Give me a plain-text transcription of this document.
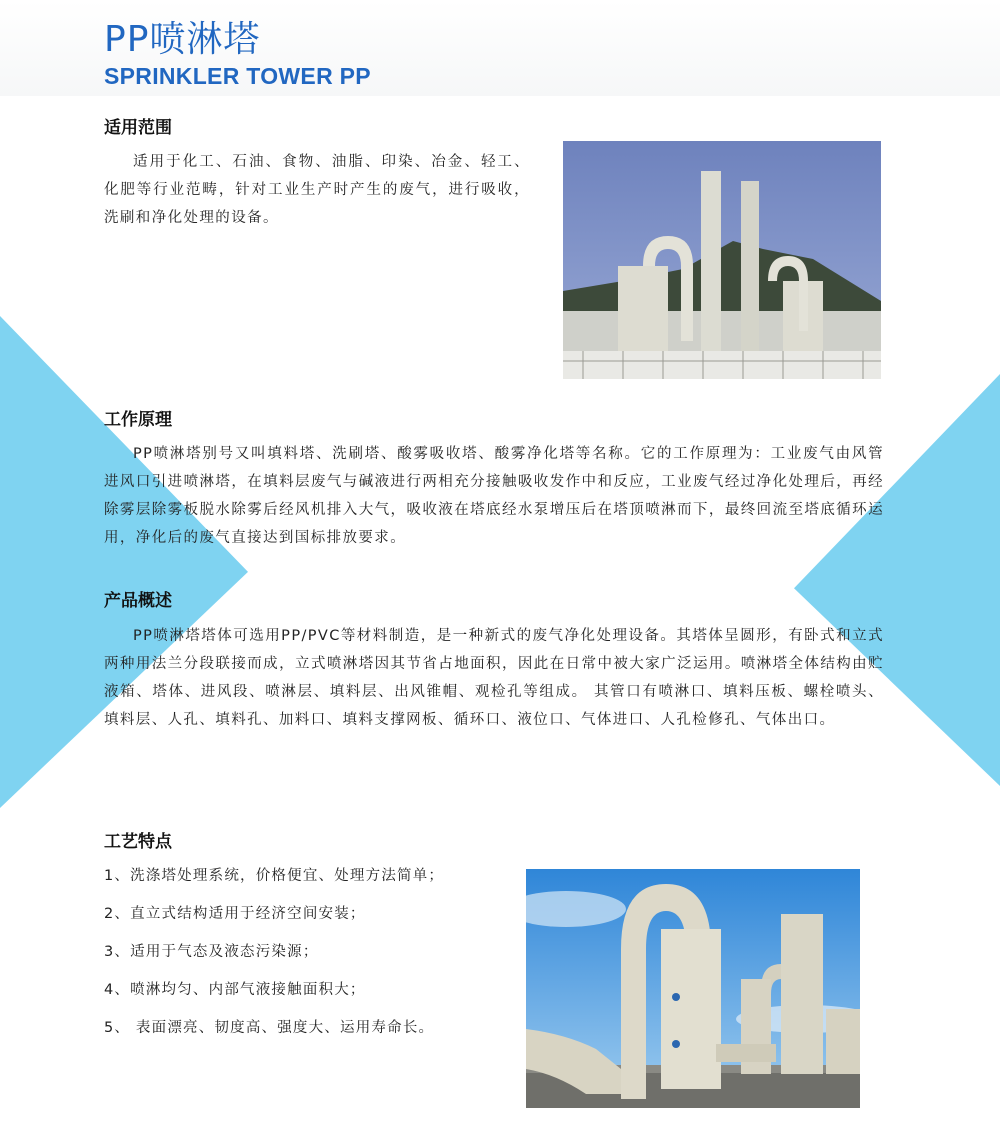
PP喷淋塔
SPRINKLER TOWER PP
适用范围
适用于化工、石油、食物、油脂、印染、冶金、轻工、化肥等行业范畴，针对工业生产时产生的废气，进行吸收，洗刷和净化处理的设备。
工作原理
PP喷淋塔别号又叫填料塔、洗刷塔、酸雾吸收塔、酸雾净化塔等名称。它的工作原理为：工业废气由风管进风口引进喷淋塔，在填料层废气与碱液进行两相充分接触吸收发作中和反应，工业废气经过净化处理后，再经除雾层除雾板脱水除雾后经风机排入大气，吸收液在塔底经水泵增压后在塔顶喷淋而下，最终回流至塔底循环运用，净化后的废气直接达到国标排放要求。
产品概述
PP喷淋塔塔体可选用PP/PVC等材料制造，是一种新式的废气净化处理设备。其塔体呈圆形，有卧式和立式两种用法兰分段联接而成，立式喷淋塔因其节省占地面积，因此在日常中被大家广泛运用。喷淋塔全体结构由贮液箱、塔体、进风段、喷淋层、填料层、出风锥帽、观检孔等组成。 其管口有喷淋口、填料压板、螺栓喷头、填料层、人孔、填料孔、加料口、填料支撑网板、循环口、液位口、气体进口、人孔检修孔、气体出口。
工艺特点
1、洗涤塔处理系统，价格便宜、处理方法简单；
2、直立式结构适用于经济空间安装；
3、适用于气态及液态污染源；
4、喷淋均匀、内部气液接触面积大；
5、 表面漂亮、韧度高、强度大、运用寿命长。
